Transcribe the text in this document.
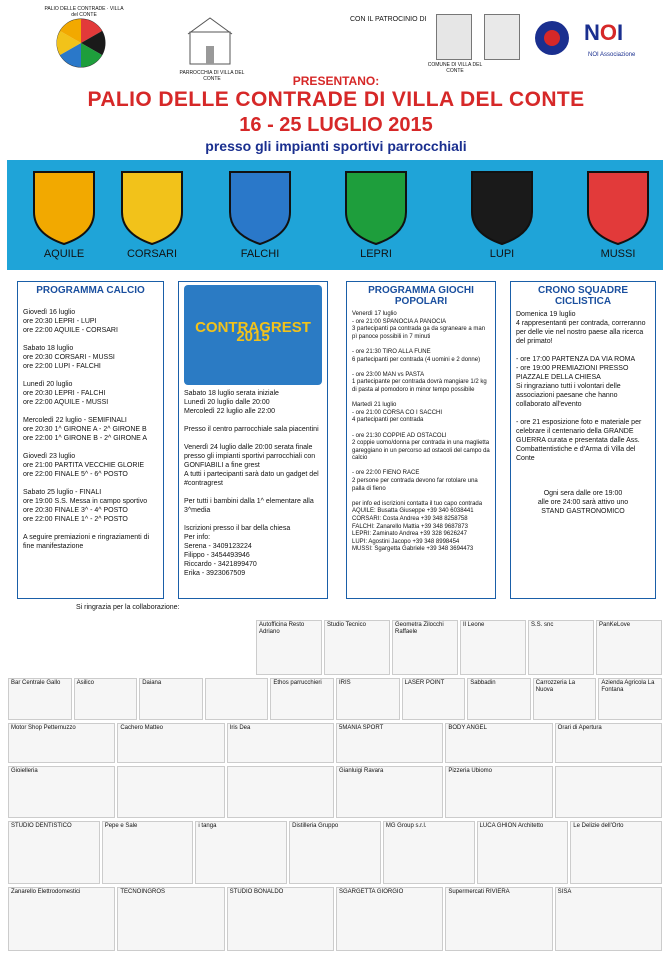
PALIO DELLE CONTRADE · VILLA del CONTE
PARROCCHIA DI VILLA DEL CONTE
CON IL PATROCINIO DI
COMUNE DI VILLA DEL CONTE
NOI
NOI Associazione
PRESENTANO:
PALIO DELLE CONTRADE DI VILLA DEL CONTE
16 - 25 LUGLIO 2015
presso gli impianti sportivi parrocchiali
AQUILE	CORSARI	FALCHI	LEPRI	LUPI	MUSSI
PROGRAMMA CALCIO

Giovedì 16 luglio
ore 20:30 LEPRI - LUPI
ore 22:00 AQUILE - CORSARI

Sabato 18 luglio
ore 20:30 CORSARI - MUSSI
ore 22:00 LUPI - FALCHI

Lunedì 20 luglio
ore 20:30 LEPRI - FALCHI
ore 22:00 AQUILE - MUSSI

Mercoledì 22 luglio - SEMIFINALI
ore 20:30 1^ GIRONE A - 2^ GIRONE B
ore 22:00 1^ GIRONE B - 2^ GIRONE A

Giovedì 23 luglio
ore 21:00 PARTITA VECCHIE GLORIE
ore 22:00 FINALE 5^ - 6^ POSTO

Sabato 25 luglio - FINALI
ore 19:00 S.S. Messa in campo sportivo
ore 20:30 FINALE 3^ - 4^ POSTO
ore 22:00 FINALE 1^ - 2^ POSTO

A seguire premiazioni e ringraziamenti di fine manifestazione

CONTRAGREST 2015

Sabato 18 luglio serata iniziale
Lunedì 20 luglio dalle 20:00
Mercoledì 22 luglio alle 22:00

Presso il centro parrocchiale sala piacentini

Venerdì 24 luglio dalle 20:00 serata finale
presso gli impianti sportivi parrocchiali con GONFIABILI a fine grest
A tutti i partecipanti sarà dato un gadget del #contragrest

Per tutti i bambini dalla 1^ elementare alla 3^media

Iscrizioni presso il bar della chiesa
Per info:
Serena - 3409123224
Filippo - 3454493946
Riccardo - 3421899470
Erika - 3923067509

PROGRAMMA GIOCHI POPOLARI

Venerdì 17 luglio
- ore 21:00 SPANOCIA A PANOCIA
3 partecipanti pa contrada ga da sgraneare a man pì panoce possibili in 7 minuti

- ore 21:30 TIRO ALLA FUNE
6 partecipanti per contrada (4 uomini e 2 donne)

- ore 23:00 MAN vs PASTA
1 partecipante per contrada dovrà mangiare 1/2 kg di pasta al pomodoro in minor tempo possibile

Martedì 21 luglio
- ore 21:00 CORSA CO I SACCHI
4 partecipanti per contrada

- ore 21:30 COPPIE AD OSTACOLI
2 coppie uomo/donna per contrada in una maglietta gareggiano in un percorso ad ostacoli del campo da calcio

- ore 22:00 FIENO RACE
2 persone per contrada devono far rotolare una palla di fieno

per info ed iscrizioni contatta il tuo capo contrada
AQUILE: Busatta Giuseppe +39 340 6038441
CORSARI: Costa Andrea +39 348 8258758
FALCHI: Zanarello Mattia +39 348 9687873
LEPRI: Zaminato Andrea +39 328 9626247
LUPI: Agostini Jacopo +39 348 8998454
MUSSI: Sgargetta Gabriele +39 348 3694473

CRONO SQUADRE CICLISTICA

Domenica 19 luglio
4 rappresentanti per contrada, correranno per delle vie nel nostro paese alla ricerca del primato!

- ore 17:00 PARTENZA DA VIA ROMA
- ore 19:00 PREMIAZIONI PRESSO PIAZZALE DELLA CHIESA
Si ringraziano tutti i volontari delle associazioni paesane che hanno collaborato all'evento

- ore 21 esposizione foto e materiale per celebrare il centenario della GRANDE GUERRA curata e presentata dalle Ass. Combattentistiche e d'Arma di Villa del Conte

Ogni sera dalle ore 19:00
alle ore 24:00 sarà attivo uno
STAND GASTRONOMICO

Si ringrazia per la collaborazione:
Autofficina Resto Adriano
Studio Tecnico	Geometra Zilocchi Raffaele
Il Leone	S.S. snc	PanKeLove
Bar Centrale Gallo	Asilico	Daiana	Ethos parrucchieri	IRIS	LASER POINT	Sabbadin	Carrozzeria La Nuova
Azienda Agricola La Fontana
Motor Shop Petternuzzo	Cachero Matteo	Iris Dea	5MANIA SPORT	BODY ANGEL	Orari di Apertura
Gioielleria	Gianluigi Ravara	Pizzeria Ubiomo
STUDIO DENTISTICO	Pepe e Sale	i tanga	Distilleria Gruppo	MG Group s.r.l.	LUCA GHION Architetto	Le Delizie dell'Orto
Zanarello Elettrodomestici	TECNOINGROS	STUDIO BONALDO	SGARGETTA GIORGIO	Supermercati RIVIERA	SISA
